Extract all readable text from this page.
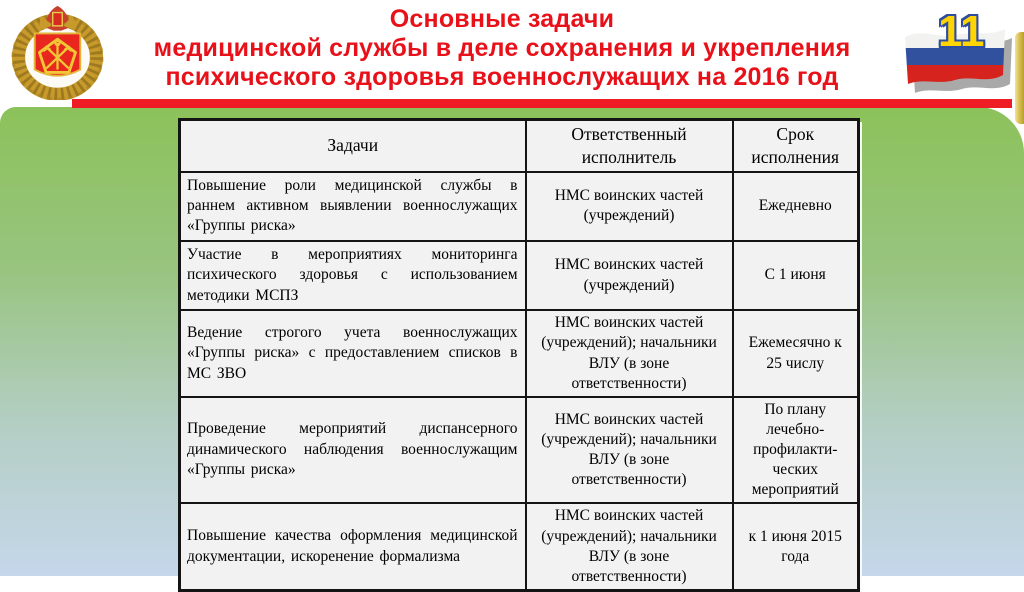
Основные задачи
медицинской службы в деле сохранения и укрепления
психического здоровья военнослужащих на 2016 год
11
Задачи	Ответственный исполнитель	Срок исполнения
Повышение роли медицинской службы в раннем активном выявлении военнослужащих «Группы риска»	НМС воинских частей (учреждений)	Ежедневно
Участие в мероприятиях мониторинга психического здоровья с использованием методики МСПЗ	НМС воинских частей (учреждений)	С 1 июня
Ведение строгого учета военнослужащих «Группы риска» с предоставлением списков в МС ЗВО	НМС воинских частей (учреждений); начальники ВЛУ (в зоне ответственности)	Ежемесячно к 25 числу
Проведение мероприятий диспансерного динамического наблюдения военнослужащим «Группы риска»	НМС воинских частей (учреждений); начальники ВЛУ (в зоне ответственности)	По плану лечебно-профилакти-ческих мероприятий
Повышение качества оформления медицинской документации, искоренение формализма	НМС воинских частей (учреждений); начальники ВЛУ (в зоне ответственности)	к 1 июня 2015 года
